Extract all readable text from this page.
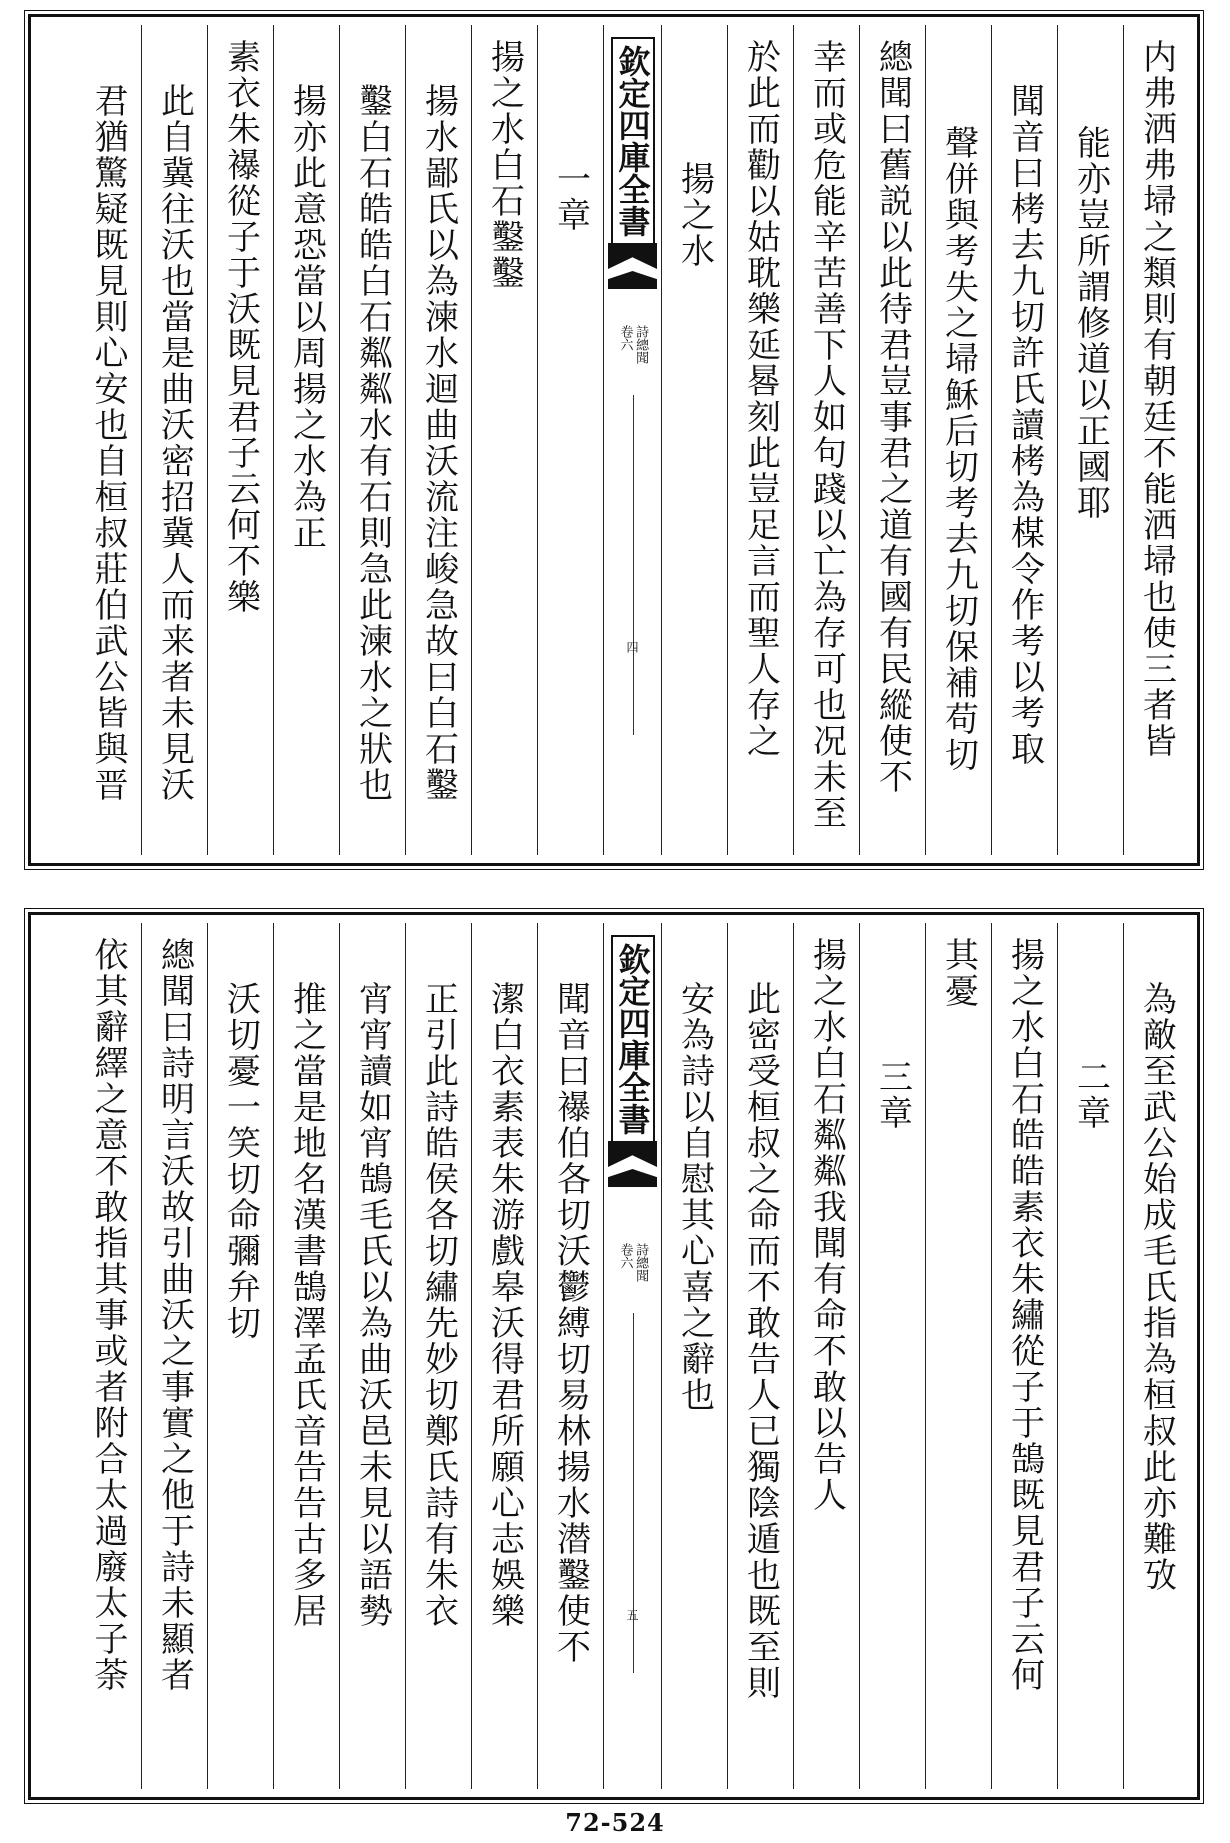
内弗洒弗埽之類則有朝廷不能洒埽也使三者皆
能亦豈所謂修道以正國耶
聞音曰栲去九切許氏讀栲為楳令作考以考取
聲併與考失之埽穌后切考去九切保補苟切
總聞曰舊説以此待君豈事君之道有國有民縱使不
幸而或危能辛苦善下人如句踐以亡為存可也况未至
於此而勸以姑耽樂延晷刻此豈足言而聖人存之
揚之水
欽定四庫全書
詩總聞
卷六
四
一章
揚之水白石鑿鑿
揚水鄙氏以為湅水迴曲沃流注峻急故曰白石鑿
鑿白石皓皓白石粼粼水有石則急此湅水之狀也
揚亦此意恐當以周揚之水為正
素衣朱襮從子于沃既見君子云何不樂
此自冀往沃也當是曲沃密招冀人而来者未見沃
君猶驚疑既見則心安也自桓叔莊伯武公皆與晋
為敵至武公始成毛氏指為桓叔此亦難攷
二章
揚之水白石皓皓素衣朱繡從子于鵠既見君子云何
其憂
三章
揚之水白石粼粼我聞有命不敢以告人
此密受桓叔之命而不敢告人已獨陰遁也既至則
安為詩以自慰其心喜之辭也
欽定四庫全書
詩總聞
卷六
五
聞音曰襮伯各切沃鬱縛切易林揚水潜鑿使不
潔白衣素表朱游戲皋沃得君所願心志娛樂
正引此詩皓侯各切繡先妙切鄭氏詩有朱衣
宵宵讀如宵鵠毛氏以為曲沃邑未見以語勢
推之當是地名漢書鵠澤孟氏音告告古多居
沃切憂一笑切命彌弁切
總聞曰詩明言沃故引曲沃之事實之他于詩未顯者
依其辭繹之意不敢指其事或者附合太過廢太子荼
72-524
